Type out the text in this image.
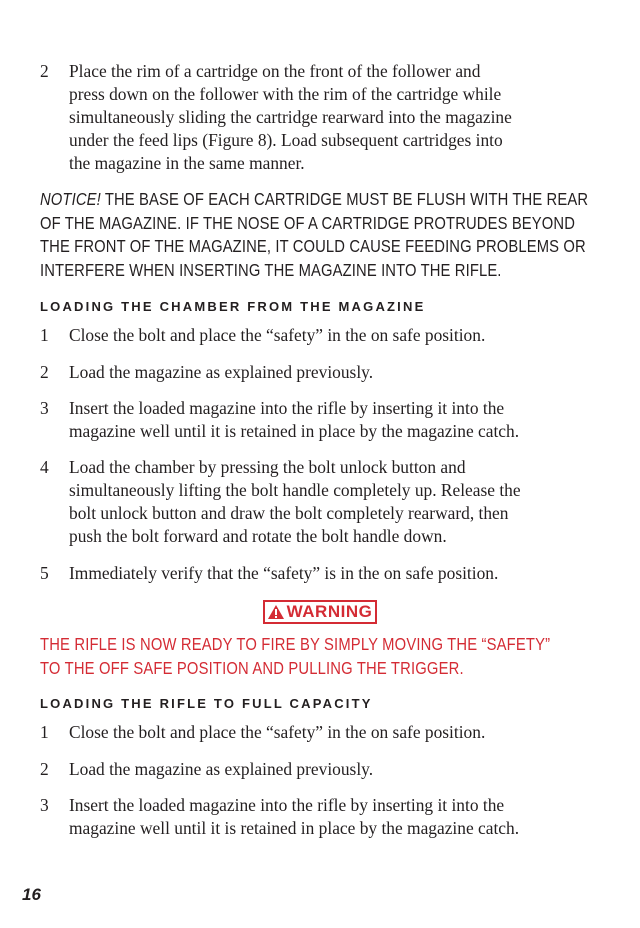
2	Place the rim of a cartridge on the front of the follower and
press down on the follower with the rim of the cartridge while
simultaneously sliding the cartridge rearward into the magazine
under the feed lips (Figure 8). Load subsequent cartridges into
the magazine in the same manner.
NOTICE! THE BASE OF EACH CARTRIDGE MUST BE FLUSH WITH THE REAR
OF THE MAGAZINE. IF THE NOSE OF A CARTRIDGE PROTRUDES BEYOND
THE FRONT OF THE MAGAZINE, IT COULD CAUSE FEEDING PROBLEMS OR
INTERFERE WHEN INSERTING THE MAGAZINE INTO THE RIFLE.
LOADING THE CHAMBER FROM THE MAGAZINE
1	Close the bolt and place the “safety” in the on safe position.
2	Load the magazine as explained previously.
3	Insert the loaded magazine into the rifle by inserting it into the
magazine well until it is retained in place by the magazine catch.
4	Load the chamber by pressing the bolt unlock button and
simultaneously lifting the bolt handle completely up. Release the
bolt unlock button and draw the bolt completely rearward, then
push the bolt forward and rotate the bolt handle down.
5	Immediately verify that the “safety” is in the on safe position.
WARNING
THE RIFLE IS NOW READY TO FIRE BY SIMPLY MOVING THE “SAFETY”
TO THE OFF SAFE POSITION AND PULLING THE TRIGGER.
LOADING THE RIFLE TO FULL CAPACITY
1	Close the bolt and place the “safety” in the on safe position.
2	Load the magazine as explained previously.
3	Insert the loaded magazine into the rifle by inserting it into the
magazine well until it is retained in place by the magazine catch.
16
